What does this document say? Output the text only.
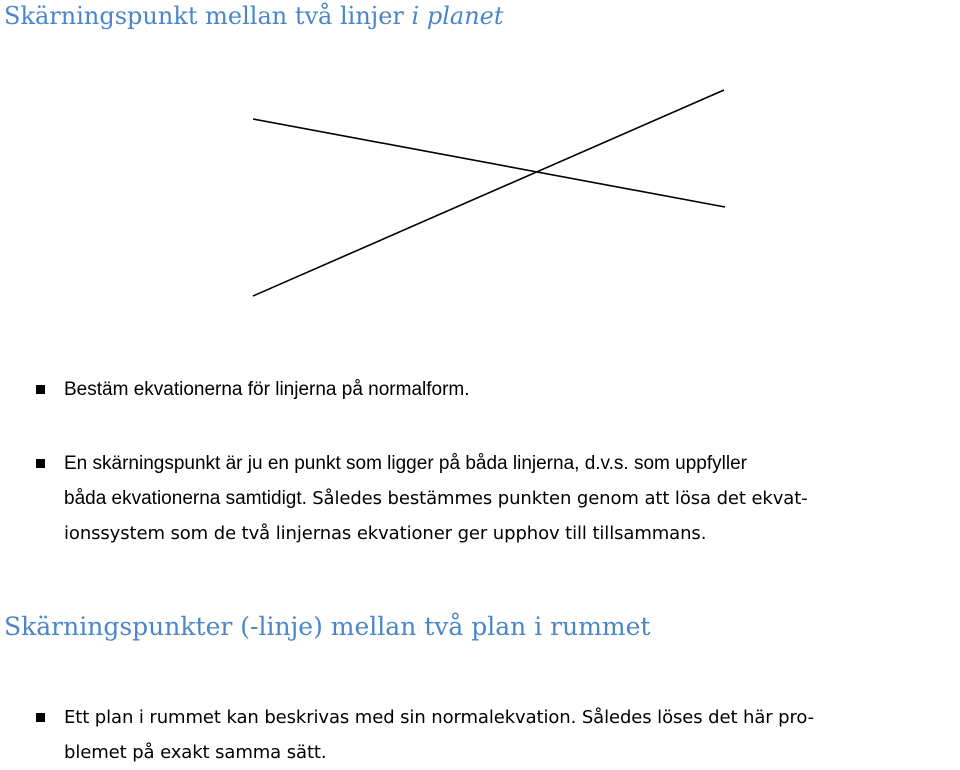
Skärningspunkt mellan två linjer i planet

Bestäm ekvationerna för linjerna på normalform.

En skärningspunkt är ju en punkt som ligger på båda linjerna, d.v.s. som uppfyller
båda ekvationerna samtidigt. Således bestämmes punkten genom att lösa det ekvat-
ionssystem som de två linjernas ekvationer ger upphov till tillsammans.

Skärningspunkter (-linje) mellan två plan i rummet

Ett plan i rummet kan beskrivas med sin normalekvation. Således löses det här pro-
blemet på exakt samma sätt.
